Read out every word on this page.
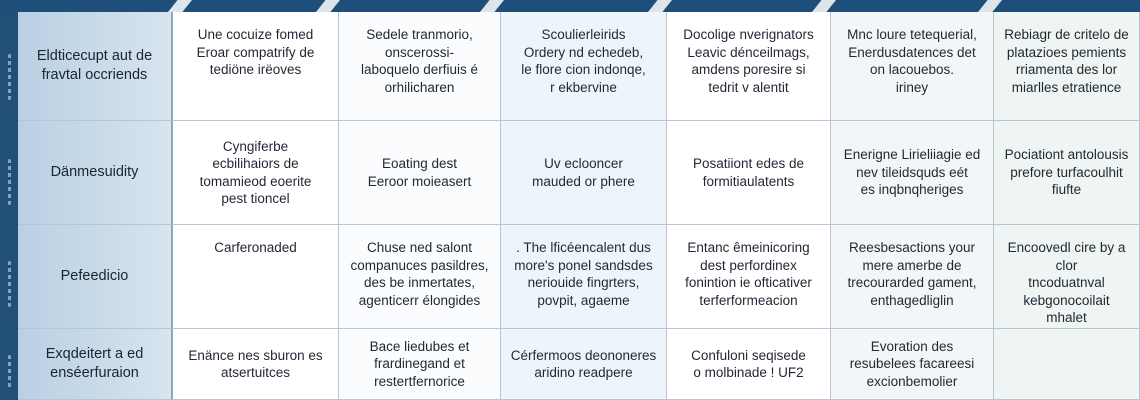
Eldticecupt aut de
fravtal occriends
Une cocuize fomed
Eroar compatrify de
tediöne irëoves
Sedele tranmorio,
onscerossi-
laboquelo derfiuis é
orhilicharen
Scoulierleirids
Ordery nd echedeb,
le flore cion indonqe,
r ekbervine
Docolige nverignators
Leavic dénceilmags,
amdens poresire si
tedrit v alentit
Mnc loure tetequerial,
Enerdusdatences det
on lacouebos.
iriney
Rebiagr de critelo de
platazioes pemients
rriamenta des lor
miarlles etratience
Dänmesuidity
Cyngiferbe
ecbilihaiors de
tomamieod eoerite
pest tioncel
Eoating dest
Eeroor moieasert
Uv eclooncer
mauded or phere
Posatiiont edes de
formitiaulatents
Enerigne Lirieliiagie ed
nev tileidsquds eét
es inqbnqheriges
Pociationt antolousis
prefore turfacoulhit
fiufte
Pefeedicio
Carferonaded	Chuse ned salont
companuces pasildres,
des be inmertates,
agenticerr élongides
. The lficéencalent dus
more's ponel sandsdes
neriouide fingrters,
povpit, agaeme
Entanc êmeinicoring
dest perfordinex
fonintion ie ofticativer
terferformeacion
Reesbesactions your
mere amerbe de
trecourarded gament,
enthagedliglin
Encoovedl cire by a clor
tncoduatnval
kebgonocoilait mhalet

Exqdeitert a ed
enséerfuraion
Enänce nes sburon es
atsertuitces
Bace liedubes et
frardinegand et
restertfernorice
Cérfermoos deononeres
aridino readpere
Confuloni seqisede
o molbinade ! UF2
Evoration des
resubelees facareesi
excionbemolier
